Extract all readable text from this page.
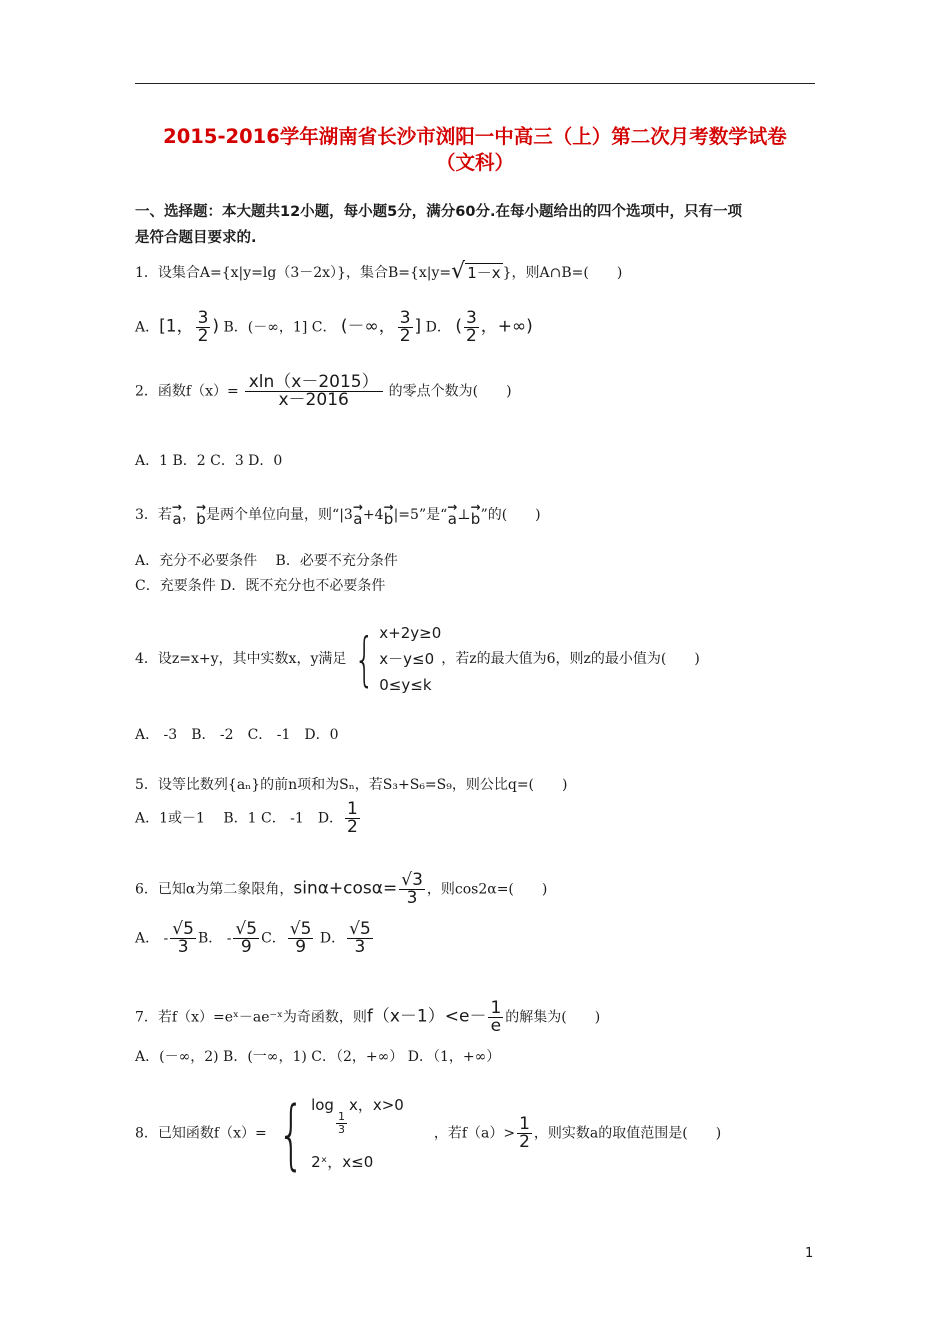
2015-2016学年湖南省长沙市浏阳一中高三（上）第二次月考数学试卷
（文科）
一、选择题：本大题共12小题，每小题5分，满分60分.在每小题给出的四个选项中，只有一项
是符合题目要求的.
1．设集合A={x|y=lg（3－2x）}，集合B={x|y=√ 1－x }，则A∩B=(　　)
A．[1， $\frac{3}{2}$ ) B．(－∞，1] C． (－∞， $\frac{3}{2}$ ] D． ( $\frac{3}{2}$ ，+∞)
2．函数$f(x)= \frac{xln(x-2015)}{x-2016}$ 的零点个数为(　　)
A．1 B．2 C．3 D．0
3．若 →
a ， →
b 是两个单位向量，则“|3 →
a +4 →
b |=5”是“ →
a ⊥ →
b ”的(　　)
A．充分不必要条件　 B．必要不充分条件
C．充要条件 D．既不充分也不必要条件
4．设z=x+y，其中实数x，y满足 { x+2y≥0
x－y≤0
0≤y≤k
，若z的最大值为6，则z的最小值为(　　)
A． -3　B． -2　C． -1　D．0
5．设等比数列{aₙ}的前n项和为Sₙ，若S₃+S₆=S₉，则公比q=(　　)
A．1或－1　 B．1 C． -1　D． $\frac{1}{2}$
6．已知α为第二象限角，$\sin\alpha+\cos\alpha= \frac{√3}{3}$ ，则cos2α=(　　)
A． - $\frac{√5}{3}$ B． - $\frac{√5}{9}$ C． $\frac{√5}{9}$ D． $\frac{√5}{3}$
7．若f（x）=eˣ－ae⁻ˣ为奇函数，则$f(x-1)<e- \frac{1}{e}$ 的解集为(　　)
A．(－∞，2) B．(一∞，1) C．（2，+∞） D．（1，+∞）
8．已知函数f（x）= { log
$\frac{1}{3}$
x，x>0
2ˣ，x≤0
，若$f(a)> \frac{1}{2}$ ，则实数a的取值范围是(　　)
1
